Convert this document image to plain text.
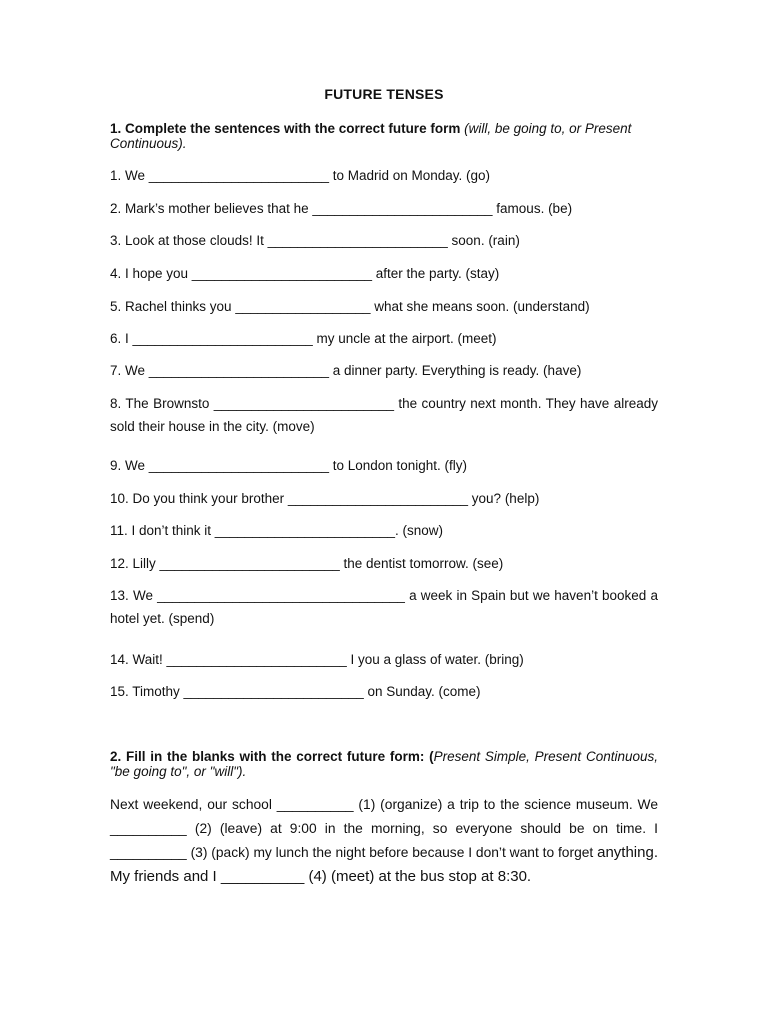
FUTURE TENSES
1. Complete the sentences with the correct future form (will, be going to, or Present Continuous).
1. We ________________________ to Madrid on Monday. (go)
2. Mark’s mother believes that he ________________________ famous. (be)
3. Look at those clouds! It ________________________ soon. (rain)
4. I hope you ________________________ after the party. (stay)
5. Rachel thinks you __________________ what she means soon. (understand)
6. I ________________________ my uncle at the airport. (meet)
7. We ________________________ a dinner party. Everything is ready. (have)
8. The Brownsto ________________________ the country next month. They have already sold their house in the city. (move)
9. We ________________________ to London tonight. (fly)
10. Do you think your brother ________________________ you? (help)
11. I don’t think it ________________________. (snow)
12. Lilly ________________________ the dentist tomorrow. (see)
13. We _________________________________ a week in Spain but we haven’t booked a hotel yet. (spend)
14. Wait! ________________________ I you a glass of water. (bring)
15. Timothy ________________________ on Sunday. (come)
2. Fill in the blanks with the correct future form: (Present Simple, Present Continuous, "be going to", or "will").
Next weekend, our school __________ (1) (organize) a trip to the science museum. We __________ (2) (leave) at 9:00 in the morning, so everyone should be on time. I __________ (3) (pack) my lunch the night before because I don’t want to forget anything. My friends and I __________ (4) (meet) at the bus stop at 8:30.
